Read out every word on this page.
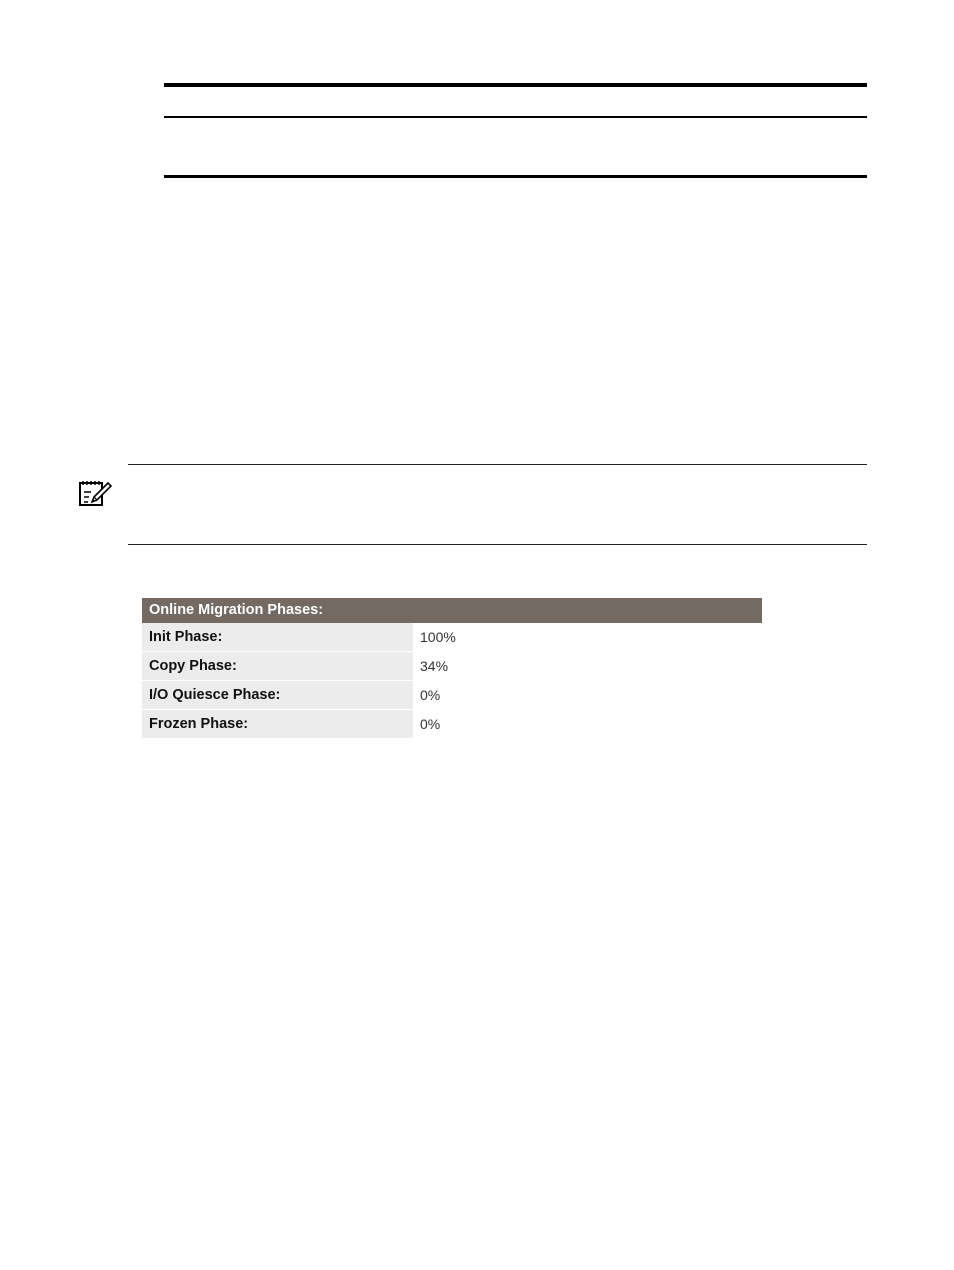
Online Migration Phases:
Init Phase:	100%
Copy Phase:	34%
I/O Quiesce Phase:	0%
Frozen Phase:	0%
